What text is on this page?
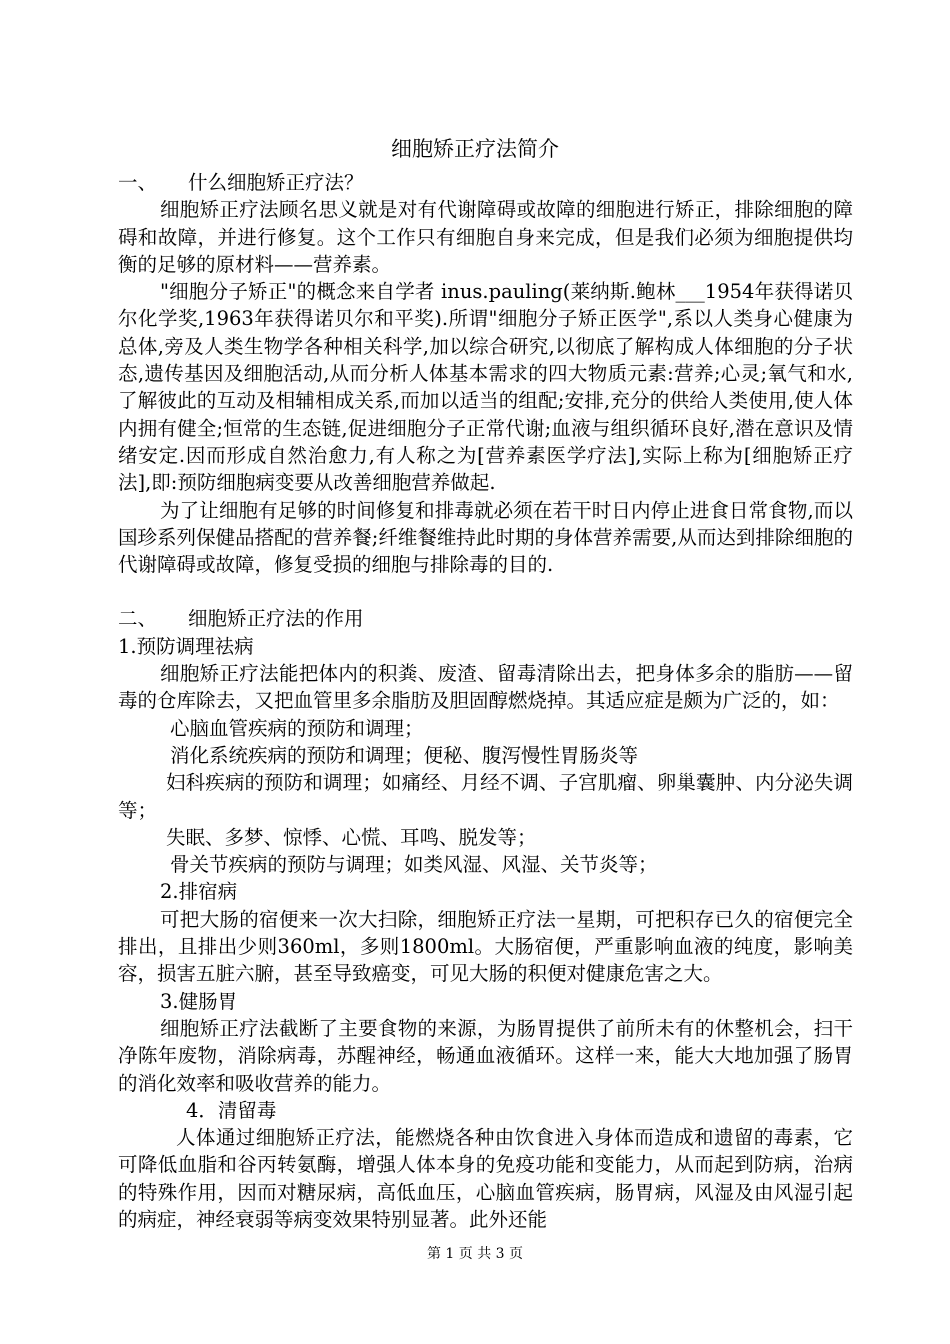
细胞矫正疗法简介

一、     什么细胞矫正疗法？

细胞矫正疗法顾名思义就是对有代谢障碍或故障的细胞进行矫正，排除细胞的障碍和故障，并进行修复。这个工作只有细胞自身来完成，但是我们必须为细胞提供均衡的足够的原材料——营养素。

"细胞分子矫正"的概念来自学者 inus.pauling(莱纳斯.鲍林___1954年获得诺贝尔化学奖,1963年获得诺贝尔和平奖).所谓"细胞分子矫正医学",系以人类身心健康为总体,旁及人类生物学各种相关科学,加以综合研究,以彻底了解构成人体细胞的分子状态,遗传基因及细胞活动,从而分析人体基本需求的四大物质元素:营养;心灵;氧气和水,了解彼此的互动及相辅相成关系,而加以适当的组配;安排,充分的供给人类使用,使人体内拥有健全;恒常的生态链,促进细胞分子正常代谢;血液与组织循环良好,潜在意识及情绪安定.因而形成自然治愈力,有人称之为[营养素医学疗法],实际上称为[细胞矫正疗法],即:预防细胞病变要从改善细胞营养做起.

为了让细胞有足够的时间修复和排毒就必须在若干时日内停止进食日常食物,而以国珍系列保健品搭配的营养餐;纤维餐维持此时期的身体营养需要,从而达到排除细胞的代谢障碍或故障，修复受损的细胞与排除毒的目的.

二、     细胞矫正疗法的作用

1.预防调理祛病

细胞矫正疗法能把体内的积粪、废渣、留毒清除出去，把身体多余的脂肪——留毒的仓库除去，又把血管里多余脂肪及胆固醇燃烧掉。其适应症是颇为广泛的，如：

心脑血管疾病的预防和调理；

消化系统疾病的预防和调理；便秘、腹泻慢性胃肠炎等

妇科疾病的预防和调理；如痛经、月经不调、子宫肌瘤、卵巢囊肿、内分泌失调等；

失眠、多梦、惊悸、心慌、耳鸣、脱发等；

骨关节疾病的预防与调理；如类风湿、风湿、关节炎等；

2.排宿病

可把大肠的宿便来一次大扫除，细胞矫正疗法一星期，可把积存已久的宿便完全排出，且排出少则360ml，多则1800ml。大肠宿便，严重影响血液的纯度，影响美容，损害五脏六腑，甚至导致癌变，可见大肠的积便对健康危害之大。

3.健肠胃

细胞矫正疗法截断了主要食物的来源，为肠胃提供了前所未有的休整机会，扫干净陈年废物，消除病毒，苏醒神经，畅通血液循环。这样一来，能大大地加强了肠胃的消化效率和吸收营养的能力。

4．清留毒

人体通过细胞矫正疗法，能燃烧各种由饮食进入身体而造成和遗留的毒素，它可降低血脂和谷丙转氨酶，增强人体本身的免疫功能和变能力，从而起到防病，治病的特殊作用，因而对糖尿病，高低血压，心脑血管疾病，肠胃病，风湿及由风湿引起的病症，神经衰弱等病变效果特别显著。此外还能

第 1 页 共 3 页
